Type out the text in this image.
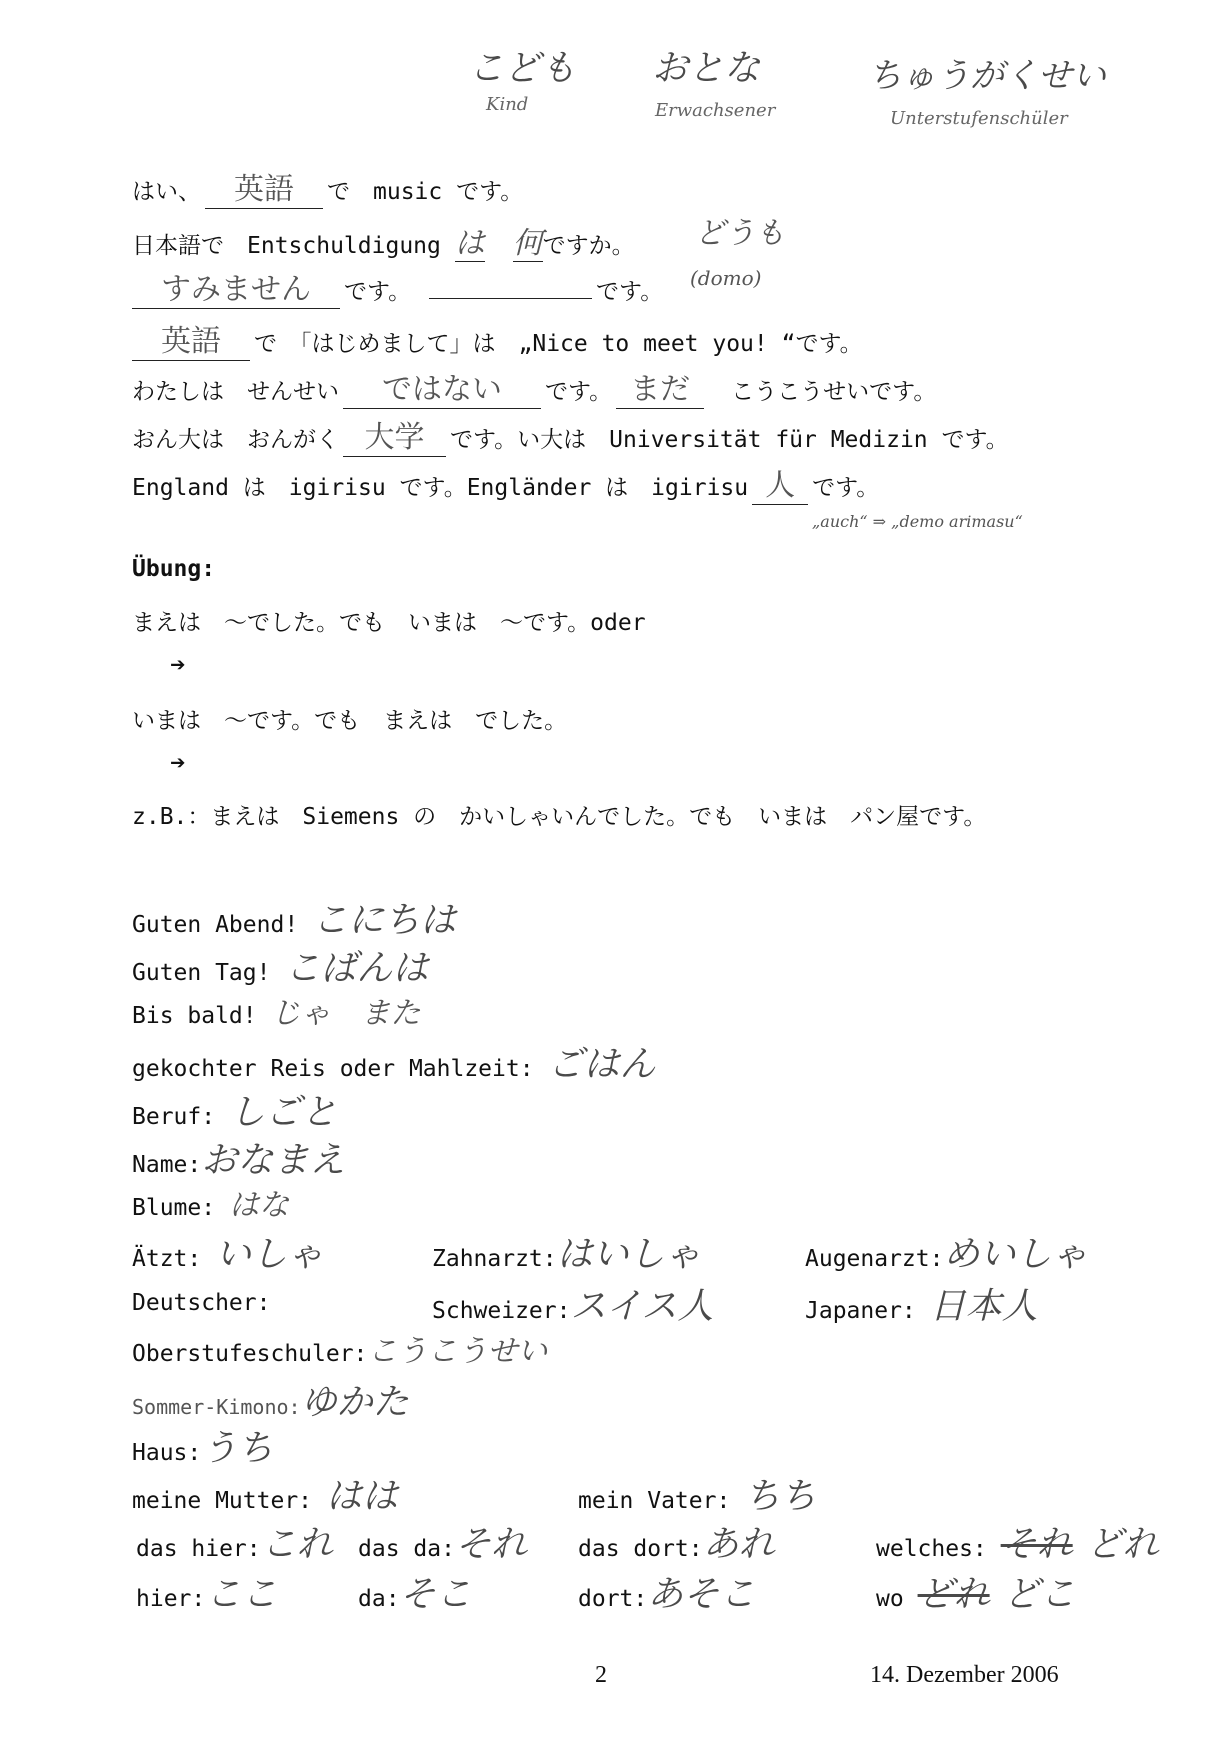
こども
Kind
おとな
Erwachsener
ちゅうがくせい
Unterstufenschüler
はい、 英語 で　music です。
日本語で　Entschuldigung は 何ですか。 どうも
すみません です。	です。
(domo)
英語 で　「はじめまして」は　„Nice to meet you! “です。
わたしは　せんせい ではない です。 まだ　こうこうせいです。
おん大は　おんがく 大学 です。い大は　Universität für Medizin です。
England は　igirisu です。Engländer は　igirisu 人 です。
„auch“ ⇒ „demo arimasu“
Übung:
まえは　～でした。でも　いまは　～です。oder
➔
いまは　～です。でも　まえは　でした。
➔
z.B.：まえは　Siemens の　かいしゃいんでした。でも　いまは　パン屋です。
Guten Abend! こにちは
Guten Tag! こばんは
Bis bald! じゃ　また
gekochter Reis oder Mahlzeit: ごはん
Beruf: しごと
Name:おなまえ
Blume: はな
Ätzt: いしゃ	Zahnarzt:はいしゃ	Augenarzt:めいしゃ
Deutscher:	Schweizer:スイス人	Japaner: 日本人
Oberstufeschuler:こうこうせい
Sommer-Kimono:ゆかた
Haus:うち
meine Mutter: はは	mein Vater: ちち
das hier:これ das da:それ das dort:あれ	welches: それ どれ
hier:ここ	da:そこ	dort:あそこ	wo どれ どこ
2	14. Dezember 2006
